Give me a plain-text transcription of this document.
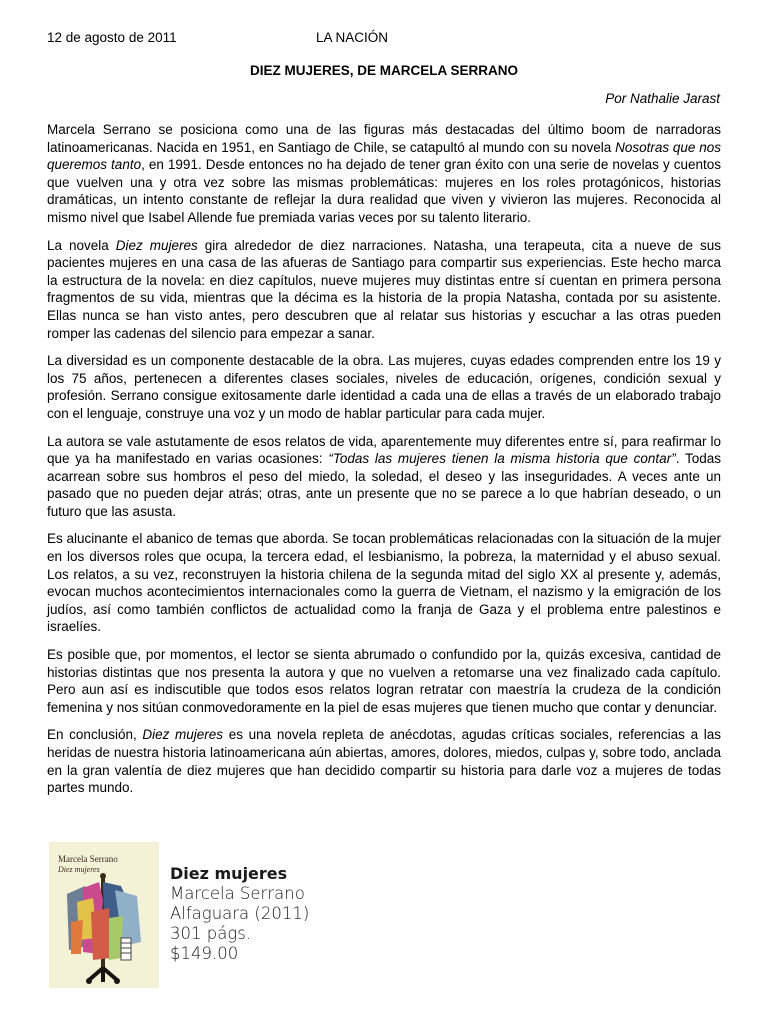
12 de agosto de 2011	LA NACIÓN
DIEZ MUJERES, DE MARCELA SERRANO
Por Nathalie Jarast

Marcela Serrano se posiciona como una de las figuras más destacadas del último boom de narradoras latinoamericanas. Nacida en 1951, en Santiago de Chile, se catapultó al mundo con su novela Nosotras que nos queremos tanto, en 1991. Desde entonces no ha dejado de tener gran éxito con una serie de novelas y cuentos que vuelven una y otra vez sobre las mismas problemáticas: mujeres en los roles protagónicos, historias dramáticas, un intento constante de reflejar la dura realidad que viven y vivieron las mujeres. Reconocida al mismo nivel que Isabel Allende fue premiada varias veces por su talento literario.

La novela Diez mujeres gira alrededor de diez narraciones. Natasha, una terapeuta, cita a nueve de sus pacientes mujeres en una casa de las afueras de Santiago para compartir sus experiencias. Este hecho marca la estructura de la novela: en diez capítulos, nueve mujeres muy distintas entre sí cuentan en primera persona fragmentos de su vida, mientras que la décima es la historia de la propia Natasha, contada por su asistente. Ellas nunca se han visto antes, pero descubren que al relatar sus historias y escuchar a las otras pueden romper las cadenas del silencio para empezar a sanar.

La diversidad es un componente destacable de la obra. Las mujeres, cuyas edades comprenden entre los 19 y los 75 años, pertenecen a diferentes clases sociales, niveles de educación, orígenes, condición sexual y profesión. Serrano consigue exitosamente darle identidad a cada una de ellas a través de un elaborado trabajo con el lenguaje, construye una voz y un modo de hablar particular para cada mujer.

La autora se vale astutamente de esos relatos de vida, aparentemente muy diferentes entre sí, para reafirmar lo que ya ha manifestado en varias ocasiones: “Todas las mujeres tienen la misma historia que contar”. Todas acarrean sobre sus hombros el peso del miedo, la soledad, el deseo y las inseguridades. A veces ante un pasado que no pueden dejar atrás; otras, ante un presente que no se parece a lo que habrían deseado, o un futuro que las asusta.

Es alucinante el abanico de temas que aborda. Se tocan problemáticas relacionadas con la situación de la mujer en los diversos roles que ocupa, la tercera edad, el lesbianismo, la pobreza, la maternidad y el abuso sexual. Los relatos, a su vez, reconstruyen la historia chilena de la segunda mitad del siglo XX al presente y, además, evocan muchos acontecimientos internacionales como la guerra de Vietnam, el nazismo y la emigración de los judíos, así como también conflictos de actualidad como la franja de Gaza y el problema entre palestinos e israelíes.

Es posible que, por momentos, el lector se sienta abrumado o confundido por la, quizás excesiva, cantidad de historias distintas que nos presenta la autora y que no vuelven a retomarse una vez finalizado cada capítulo. Pero aun así es indiscutible que todos esos relatos logran retratar con maestría la crudeza de la condición femenina y nos sitúan conmovedoramente en la piel de esas mujeres que tienen mucho que contar y denunciar.

En conclusión, Diez mujeres es una novela repleta de anécdotas, agudas críticas sociales, referencias a las heridas de nuestra historia latinoamericana aún abiertas, amores, dolores, miedos, culpas y, sobre todo, anclada en la gran valentía de diez mujeres que han decidido compartir su historia para darle voz a mujeres de todas partes mundo.

Marcela Serrano
Diez mujeres	Diez mujeres
Marcela Serrano
Alfaguara (2011)
301 págs.
$149.00
